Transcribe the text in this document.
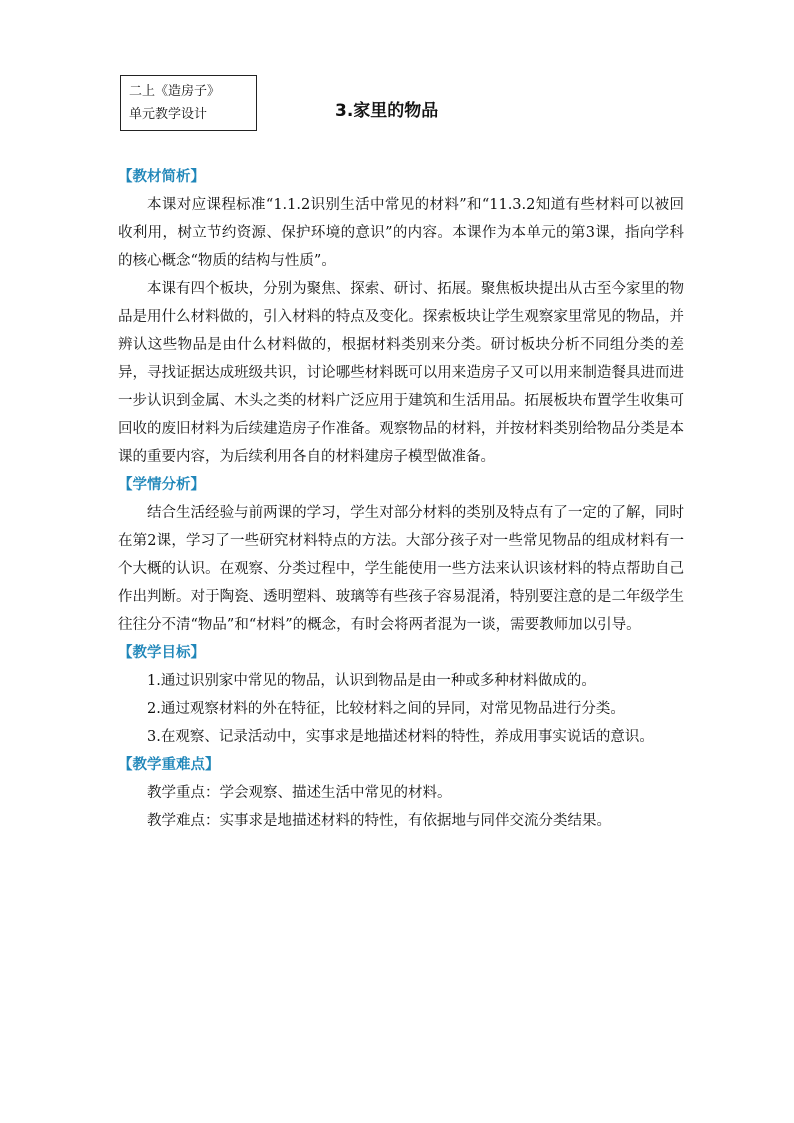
二上《造房子》
单元教学设计	3.家里的物品
【教材简析】

本课对应课程标准“1.1.2识别生活中常见的材料”和“11.3.2知道有些材料可以被回收利用，树立节约资源、保护环境的意识”的内容。本课作为本单元的第3课，指向学科的核心概念“物质的结构与性质”。

本课有四个板块，分别为聚焦、探索、研讨、拓展。聚焦板块提出从古至今家里的物品是用什么材料做的，引入材料的特点及变化。探索板块让学生观察家里常见的物品，并辨认这些物品是由什么材料做的，根据材料类别来分类。研讨板块分析不同组分类的差异，寻找证据达成班级共识，讨论哪些材料既可以用来造房子又可以用来制造餐具进而进一步认识到金属、木头之类的材料广泛应用于建筑和生活用品。拓展板块布置学生收集可回收的废旧材料为后续建造房子作准备。观察物品的材料，并按材料类别给物品分类是本课的重要内容，为后续利用各自的材料建房子模型做准备。

【学情分析】

结合生活经验与前两课的学习，学生对部分材料的类别及特点有了一定的了解，同时在第2课，学习了一些研究材料特点的方法。大部分孩子对一些常见物品的组成材料有一个大概的认识。在观察、分类过程中，学生能使用一些方法来认识该材料的特点帮助自己作出判断。对于陶瓷、透明塑料、玻璃等有些孩子容易混淆，特别要注意的是二年级学生往往分不清“物品”和“材料”的概念，有时会将两者混为一谈，需要教师加以引导。

【教学目标】

1.通过识别家中常见的物品，认识到物品是由一种或多种材料做成的。

2.通过观察材料的外在特征，比较材料之间的异同，对常见物品进行分类。

3.在观察、记录活动中，实事求是地描述材料的特性，养成用事实说话的意识。

【教学重难点】

教学重点：学会观察、描述生活中常见的材料。

教学难点：实事求是地描述材料的特性，有依据地与同伴交流分类结果。
